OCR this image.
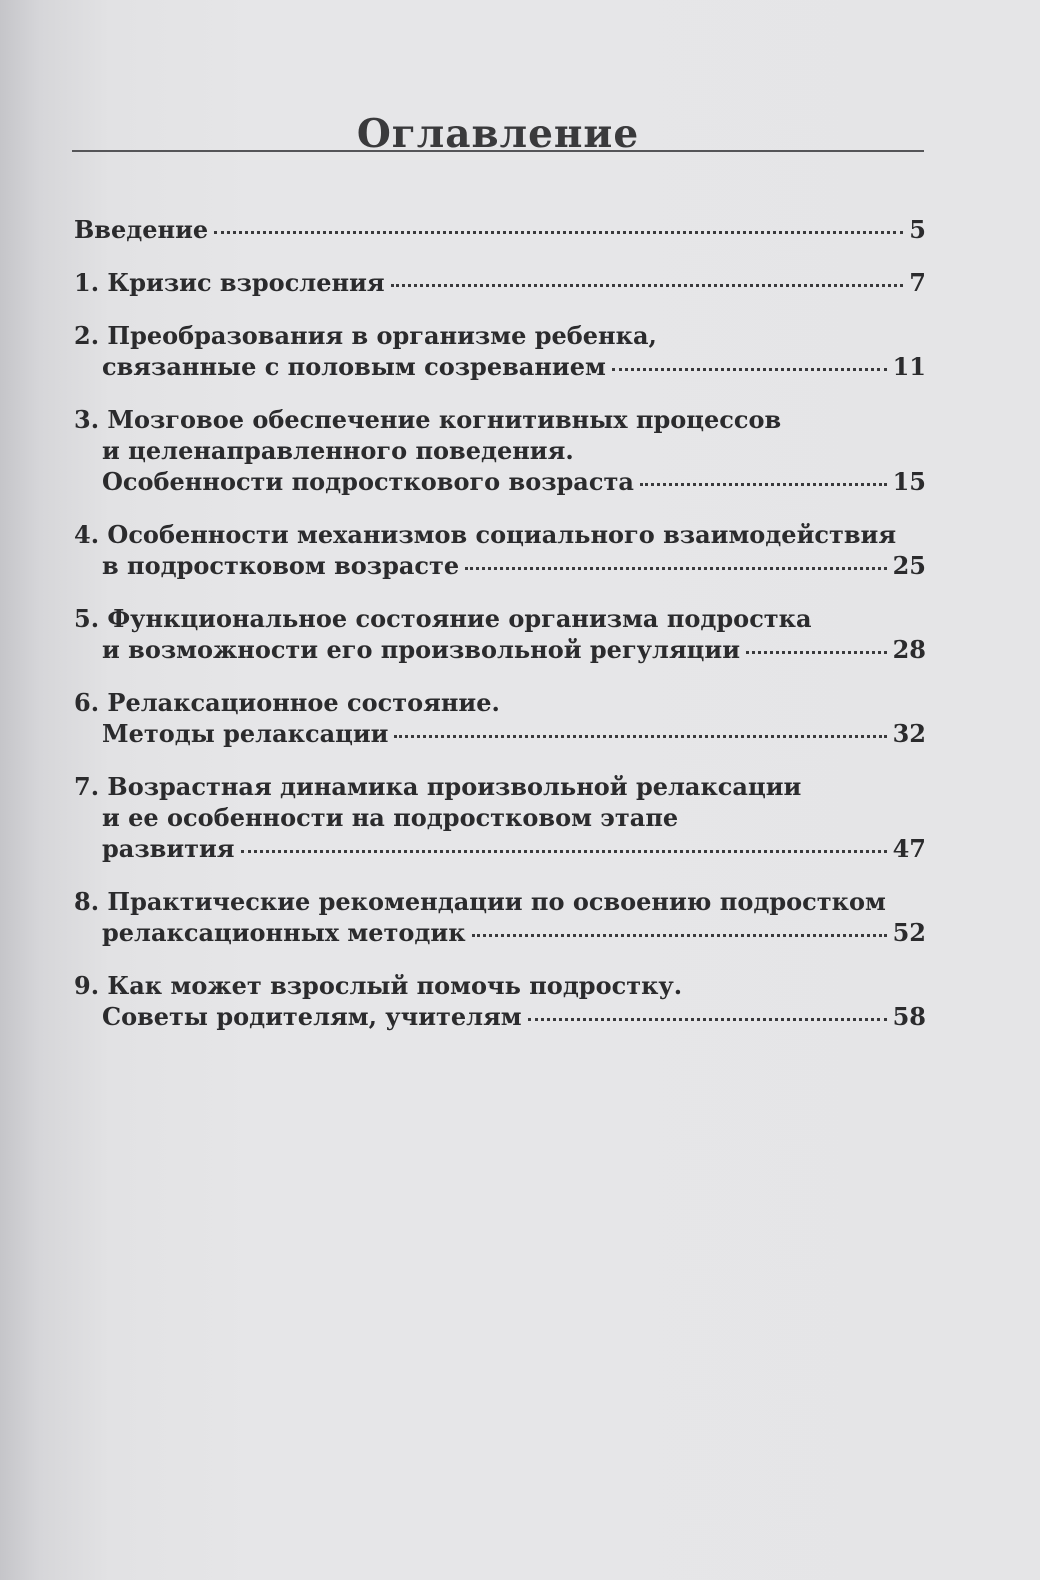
Оглавление
Введение	5
1. Кризис взросления	7
2. Преобразования в организме ребенка,
связанные с половым созреванием	11
3. Мозговое обеспечение когнитивных процессов
и целенаправленного поведения.
Особенности подросткового возраста	15
4. Особенности механизмов социального взаимодействия
в подростковом возрасте	25
5. Функциональное состояние организма подростка
и возможности его произвольной регуляции	28
6. Релаксационное состояние.
Методы релаксации	32
7. Возрастная динамика произвольной релаксации
и ее особенности на подростковом этапе
развития	47
8. Практические рекомендации по освоению подростком
релаксационных методик	52
9. Как может взрослый помочь подростку.
Советы родителям, учителям	58
